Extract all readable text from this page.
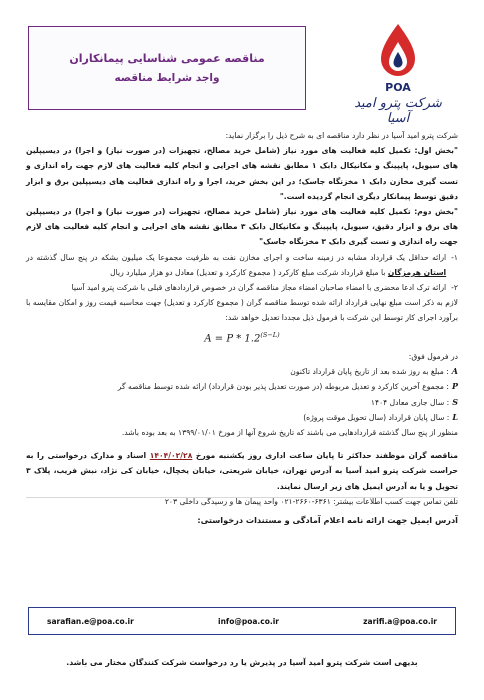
مناقصه عمومی شناسایی پیمانکاران
واجد شرایط مناقصه
POA
شرکت پترو امید آسیا

شرکت پترو امید آسیا در نظر دارد مناقصه ای به شرح ذیل را برگزار نماید:

"بخش اول: تکمیل کلیه فعالیت های مورد نیاز (شامل خرید مصالح، تجهیزات (در صورت نیاز) و اجرا) در دیسیپلین های سیویل، پایپینگ و مکانیکال دابک ۱ مطابق نقشه های اجرایی و انجام کلیه فعالیت های لازم جهت راه اندازی و تست گیری مخازن دابک ۱ مخزنگاه جاسک؛ در این بخش خرید، اجرا و راه اندازی فعالیت های دیسیپلین برق و ابزار دقیق توسط پیمانکار دیگری انجام گردیده است."

"بخش دوم: تکمیل کلیه فعالیت های مورد نیاز (شامل خرید مصالح، تجهیزات (در صورت نیاز) و اجرا) در دیسیپلین های برق و ابزار دقیق، سیویل، پایپینگ و مکانیکال دابک ۳ مطابق نقشه های اجرایی و انجام کلیه فعالیت های لازم جهت راه اندازی و تست گیری دابک ۳ مخزنگاه جاسک"

۱-
ارائه حداقل یک قرارداد مشابه در زمینه ساخت و اجرای مخازن نفت به ظرفیت مجموعا یک میلیون بشکه در پنج سال گذشته در استان هرمزگان با مبلغ قرارداد شرکت مبلغ کارکرد ( مجموع کارکرد و تعدیل) معادل دو هزار میلیارد ریال
۲-
ارائه ترک ادعا محضری با امضاء صاحبان امضاء مجاز مناقصه گران در خصوص قراردادهای قبلی با شرکت پترو امید آسیا

لازم به ذکر است مبلغ نهایی قرارداد ارائه شده توسط مناقصه گران ( مجموع کارکرد و تعدیل) جهت محاسبه قیمت روز و امکان مقایسه با برآورد اجرای کار توسط این شرکت با فرمول ذیل مجددا تعدیل خواهد شد:

$A = P * 1.2^{(S-L)}$

در فرمول فوق:

A
: مبلغ به روز شده بعد از تاریخ پایان قرارداد تاکنون
P
: مجموع آخرین کارکرد و تعدیل مربوطه (در صورت تعدیل پذیر بودن قرارداد) ارائه شده توسط مناقصه گر
S
: سال جاری معادل ۱۴۰۴
L
: سال پایان قرارداد (سال تحویل موقت پروژه)

منظور از پنج سال گذشته قراردادهایی می باشند که تاریخ شروع آنها از مورخ ۱۳۹۹/۰۱/۰۱ به بعد بوده باشد.

مناقصه گران موظفند حداکثر تا پایان ساعت اداری روز یکشنبه مورخ ۱۴۰۴/۰۲/۲۸ اسناد و مدارک درخواستی را به حراست شرکت پترو امید آسیا به آدرس تهران، خیابان شریعتی، خیابان یخچال، خیابان کی نژاد، نبش فریب، پلاک ۳ تحویل و یا به آدرس ایمیل های زیر ارسال نمایند.

تلفن تماس جهت کسب اطلاعات بیشتر: ۶۳۶۱-۲۶۶۰-۰۲۱ واحد پیمان ها و رسیدگی داخلی ۲۰۳

آدرس ایمیل جهت ارائه نامه اعلام آمادگی و مستندات درخواستی:

sarafian.e@poa.co.ir	info@poa.co.ir	zarifi.a@poa.co.ir

بدیهی است شرکت پترو امید آسیا در پذیرش یا رد درخواست شرکت کنندگان مختار می باشد.
